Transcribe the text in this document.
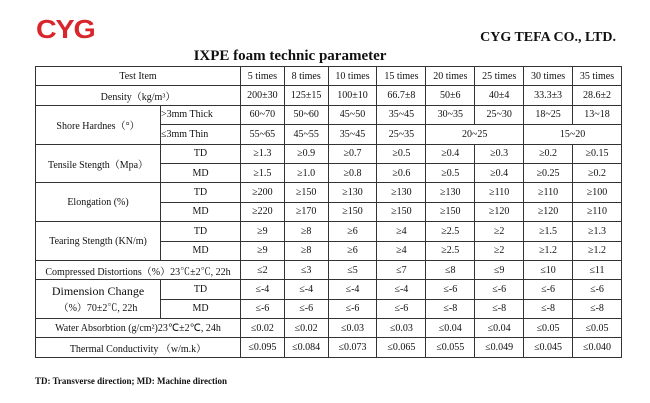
CYG	CYG TEFA CO., LTD.
IXPE foam technic parameter
Test Item		5 times	8 times	10 times	15 times	20 times	25 times	30 times	35 times
Density（kg/m³）		200±30	125±15	100±10	66.7±8	50±6	40±4	33.3±3	28.6±2
Shore Hardnes（°）	>3mm Thick	60~70	50~60	45~50	35~45	30~35	25~30	18~25	13~18
	≤3mm Thin	55~65	45~55	35~45	25~35	20~25		15~20	
Tensile Stength（Mpa）	TD	≥1.3	≥0.9	≥0.7	≥0.5	≥0.4	≥0.3	≥0.2	≥0.15
	MD	≥1.5	≥1.0	≥0.8	≥0.6	≥0.5	≥0.4	≥0.25	≥0.2
Elongation (%)	TD	≥200	≥150	≥130	≥130	≥130	≥110	≥110	≥100
	MD	≥220	≥170	≥150	≥150	≥150	≥120	≥120	≥110
Tearing Stength (KN/m)	TD	≥9	≥8	≥6	≥4	≥2.5	≥2	≥1.5	≥1.3
	MD	≥9	≥8	≥6	≥4	≥2.5	≥2	≥1.2	≥1.2
Compressed Distortions（%）23℃±2℃, 22h		≤2	≤3	≤5	≤7	≤8	≤9	≤10	≤11

Dimension Change
（%）70±2℃, 22h	TD	≤-4	≤-4	≤-4	≤-4	≤-6	≤-6	≤-6	≤-6
	MD	≤-6	≤-6	≤-6	≤-6	≤-8	≤-8	≤-8	≤-8
Water Absorbtion (g/cm²)23℃±2℃, 24h		≤0.02	≤0.02	≤0.03	≤0.03	≤0.04	≤0.04	≤0.05	≤0.05
Thermal Conductivity （w/m.k）		≤0.095	≤0.084	≤0.073	≤0.065	≤0.055	≤0.049	≤0.045	≤0.040
TD: Transverse direction; MD: Machine direction
